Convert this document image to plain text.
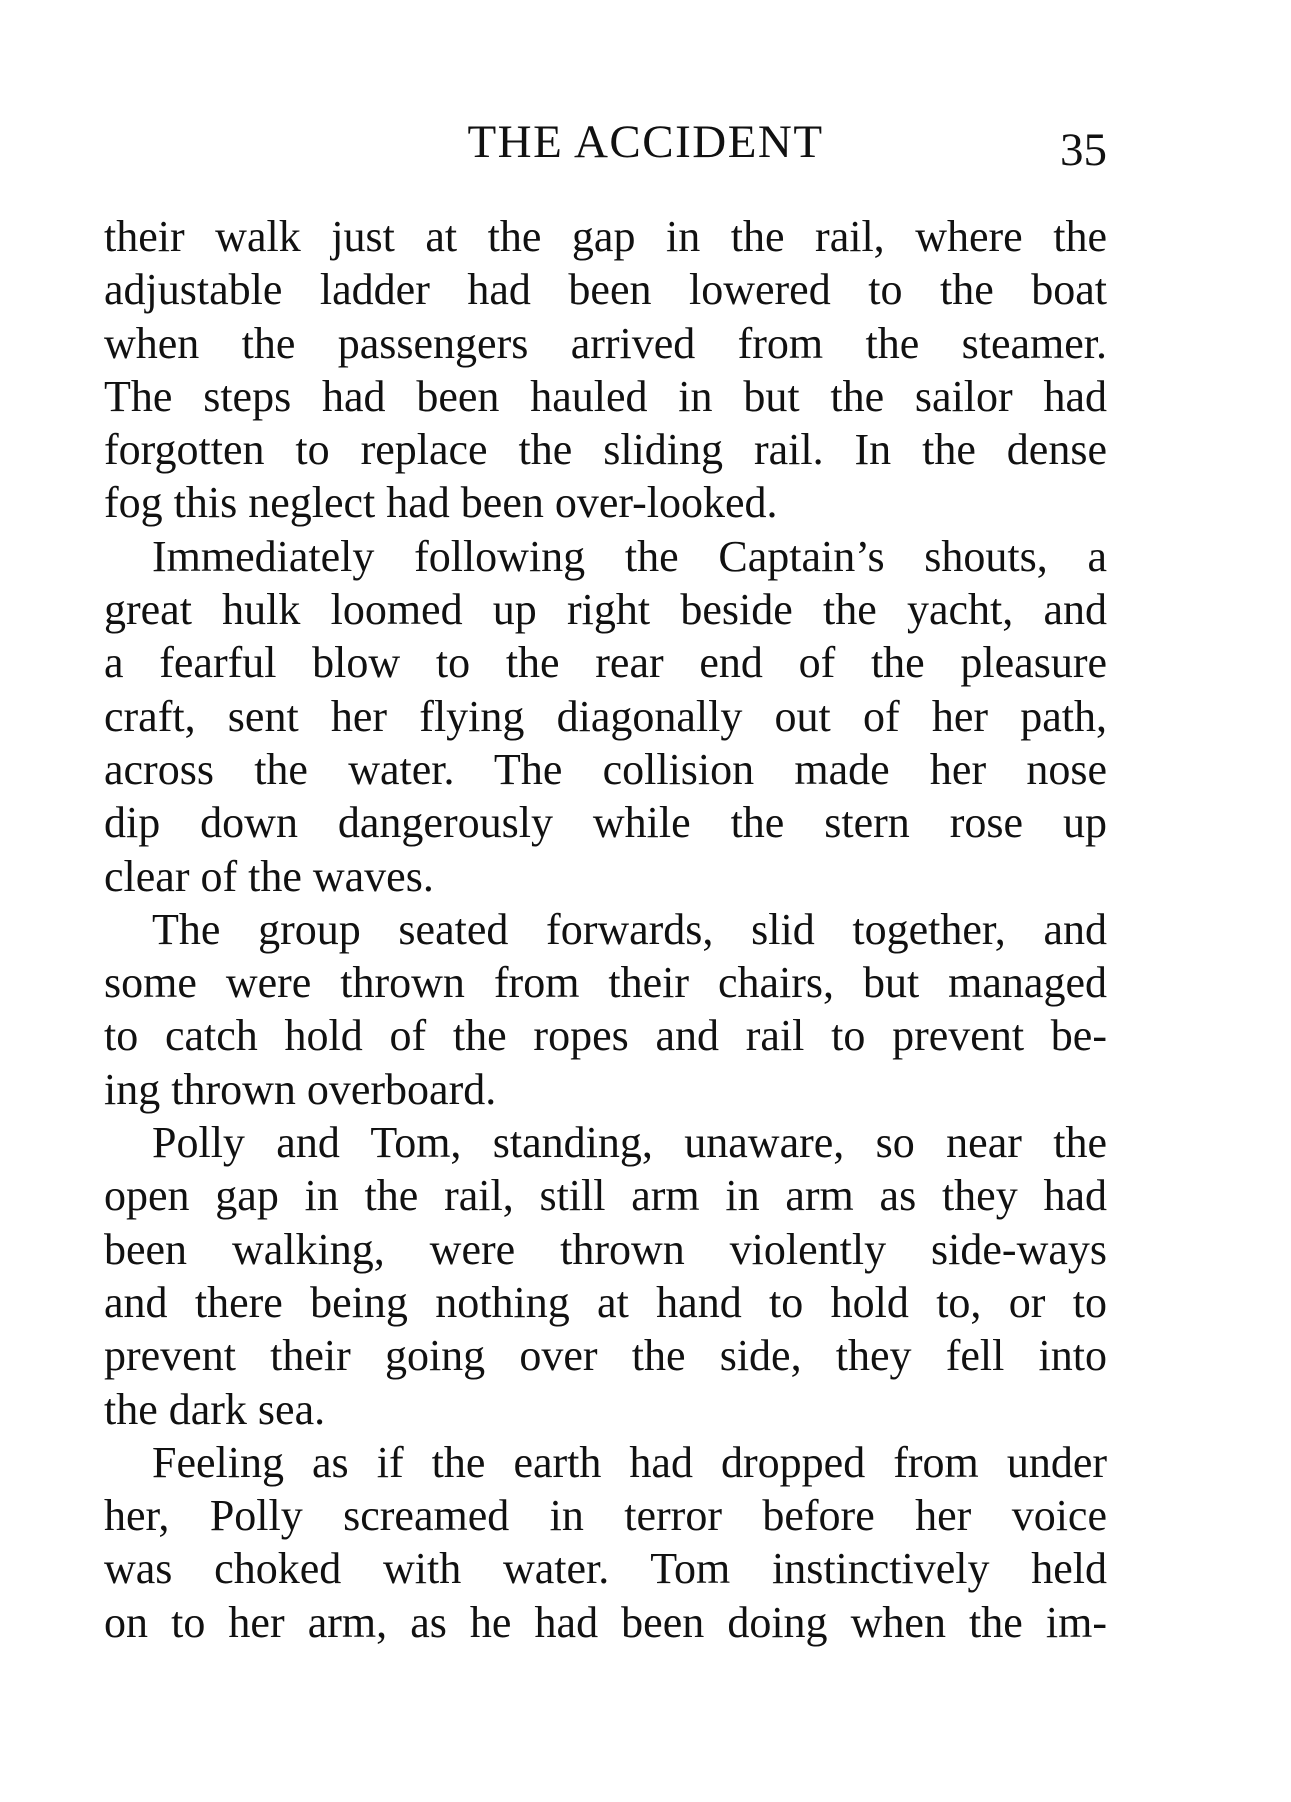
THE ACCIDENT	35
their walk just at the gap in the rail, where the
adjustable ladder had been lowered to the boat
when the passengers arrived from the steamer.
The steps had been hauled in but the sailor had
forgotten to replace the sliding rail. In the dense
fog this neglect had been over-looked.
Immediately following the Captain’s shouts, a
great hulk loomed up right beside the yacht, and
a fearful blow to the rear end of the pleasure
craft, sent her flying diagonally out of her path,
across the water. The collision made her nose
dip down dangerously while the stern rose up
clear of the waves.
The group seated forwards, slid together, and
some were thrown from their chairs, but managed
to catch hold of the ropes and rail to prevent be-
ing thrown overboard.
Polly and Tom, standing, unaware, so near the
open gap in the rail, still arm in arm as they had
been walking, were thrown violently side-ways
and there being nothing at hand to hold to, or to
prevent their going over the side, they fell into
the dark sea.
Feeling as if the earth had dropped from under
her, Polly screamed in terror before her voice
was choked with water. Tom instinctively held
on to her arm, as he had been doing when the im-
